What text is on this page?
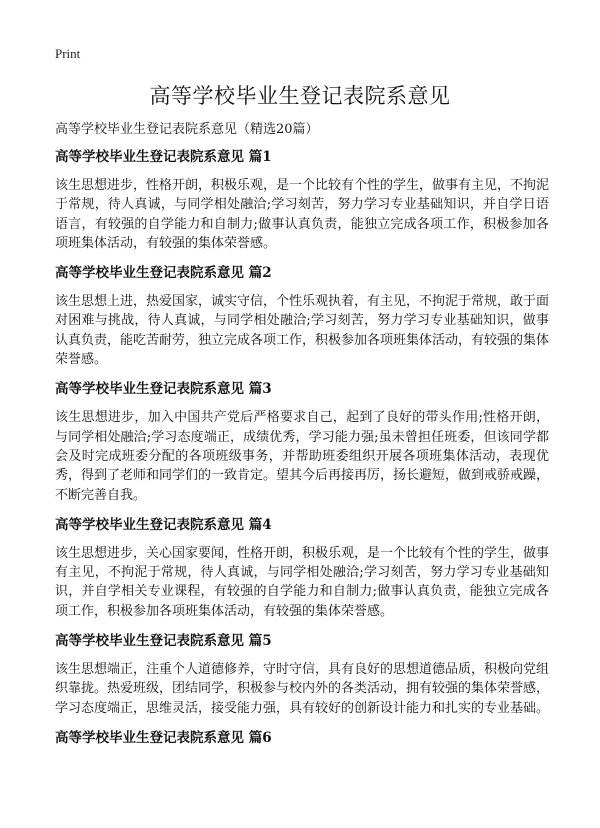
Print
高等学校毕业生登记表院系意见

高等学校毕业生登记表院系意见（精选20篇）

高等学校毕业生登记表院系意见 篇1

该生思想进步，性格开朗，积极乐观，是一个比较有个性的学生，做事有主见，不拘泥于常规，待人真诚，与同学相处融洽;学习刻苦，努力学习专业基础知识，并自学日语语言，有较强的自学能力和自制力;做事认真负责，能独立完成各项工作，积极参加各项班集体活动，有较强的集体荣誉感。

高等学校毕业生登记表院系意见 篇2

该生思想上进，热爱国家，诚实守信，个性乐观执着，有主见，不拘泥于常规，敢于面对困难与挑战，待人真诚，与同学相处融洽;学习刻苦，努力学习专业基础知识，做事认真负责，能吃苦耐劳，独立完成各项工作，积极参加各项班集体活动，有较强的集体荣誉感。

高等学校毕业生登记表院系意见 篇3

该生思想进步，加入中国共产党后严格要求自己，起到了良好的带头作用;性格开朗，与同学相处融洽;学习态度端正，成绩优秀，学习能力强;虽未曾担任班委，但该同学都会及时完成班委分配的各项班级事务，并帮助班委组织开展各项班集体活动，表现优秀，得到了老师和同学们的一致肯定。望其今后再接再厉，扬长避短，做到戒骄戒躁，不断完善自我。

高等学校毕业生登记表院系意见 篇4

该生思想进步，关心国家要闻，性格开朗，积极乐观，是一个比较有个性的学生，做事有主见，不拘泥于常规，待人真诚，与同学相处融洽;学习刻苦，努力学习专业基础知识，并自学相关专业课程，有较强的自学能力和自制力;做事认真负责，能独立完成各项工作，积极参加各项班集体活动，有较强的集体荣誉感。

高等学校毕业生登记表院系意见 篇5

该生思想端正，注重个人道德修养，守时守信，具有良好的思想道德品质，积极向党组织靠拢。热爱班级，团结同学，积极参与校内外的各类活动，拥有较强的集体荣誉感，学习态度端正，思维灵活，接受能力强，具有较好的创新设计能力和扎实的专业基础。

高等学校毕业生登记表院系意见 篇6
